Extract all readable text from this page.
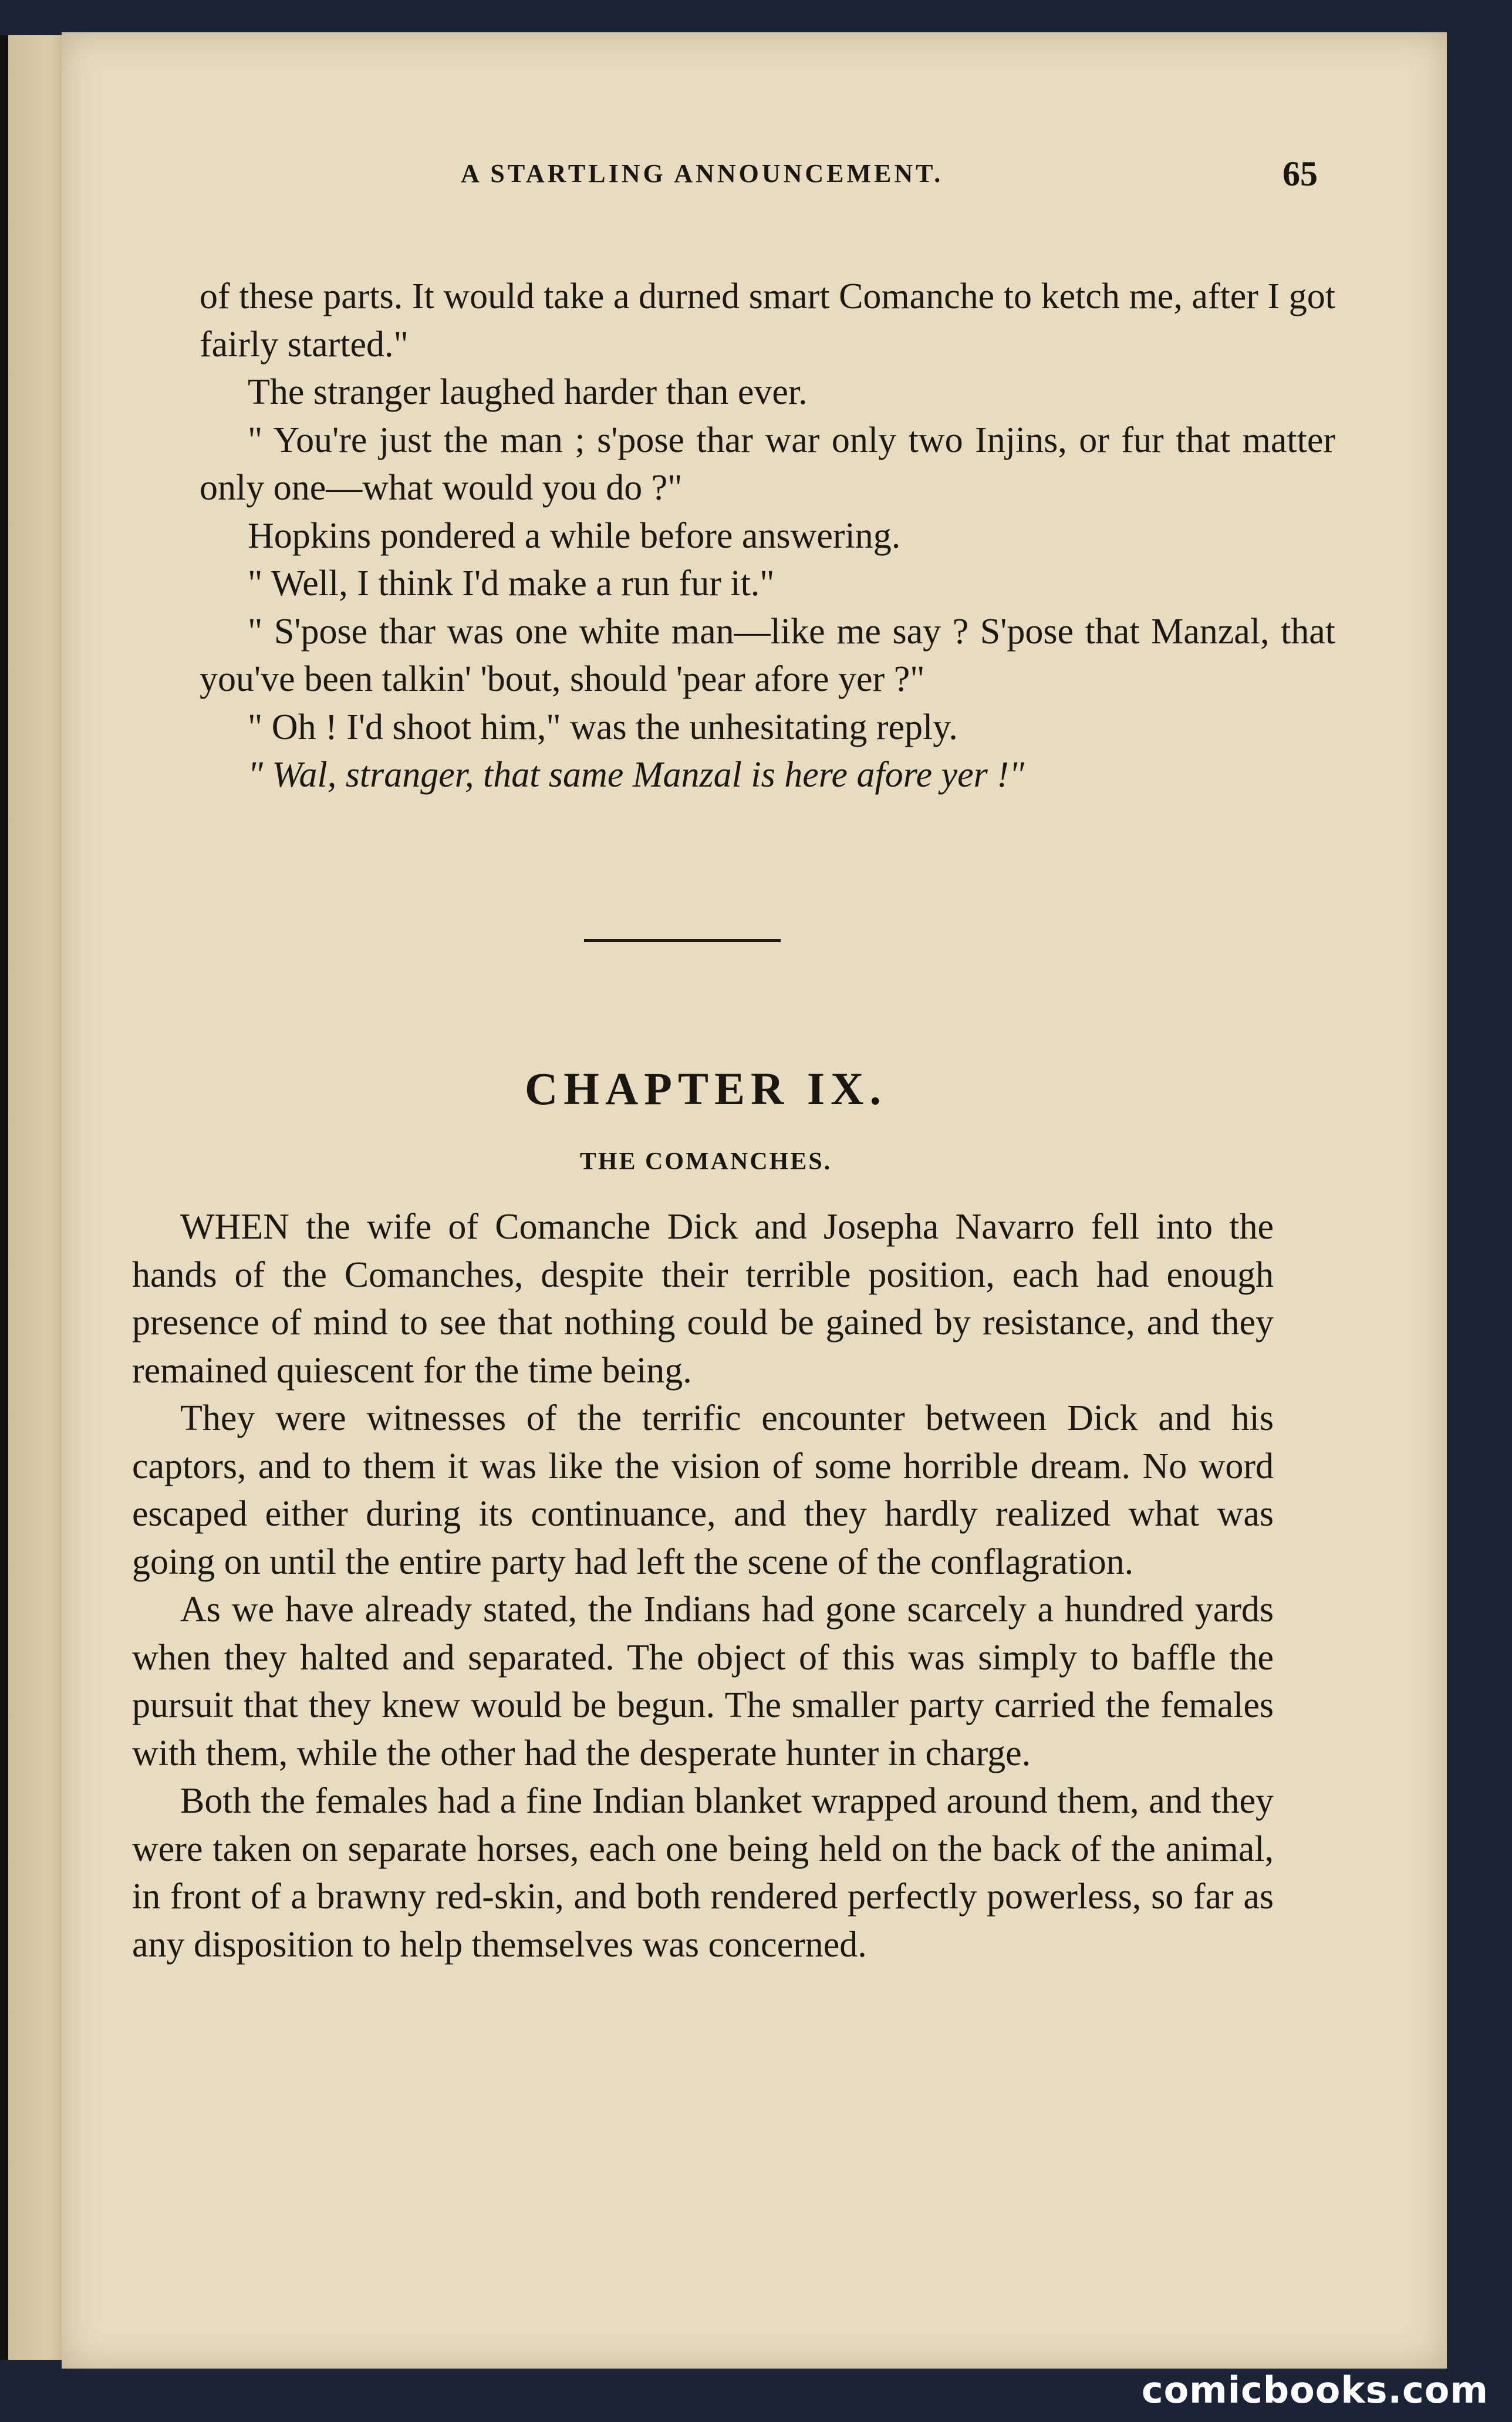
A STARTLING ANNOUNCEMENT.	65

of these parts. It would take a durned smart Comanche to ketch me, after I got fairly started."

The stranger laughed harder than ever.

" You're just the man ; s'pose thar war only two Injins, or fur that matter only one—what would you do ?"

Hopkins pondered a while before answering.

" Well, I think I'd make a run fur it."

" S'pose thar was one white man—like me say ? S'pose that Manzal, that you've been talkin' 'bout, should 'pear afore yer ?"

" Oh ! I'd shoot him," was the unhesitating reply.

" Wal, stranger, that same Manzal is here afore yer !"

CHAPTER IX.
THE COMANCHES.

WHEN the wife of Comanche Dick and Josepha Navarro fell into the hands of the Comanches, despite their terrible position, each had enough presence of mind to see that nothing could be gained by resistance, and they remained quiescent for the time being.

They were witnesses of the terrific encounter between Dick and his captors, and to them it was like the vision of some horrible dream. No word escaped either during its continuance, and they hardly realized what was going on until the entire party had left the scene of the conflagration.

As we have already stated, the Indians had gone scarcely a hundred yards when they halted and separated. The object of this was simply to baffle the pursuit that they knew would be begun. The smaller party carried the females with them, while the other had the desperate hunter in charge.

Both the females had a fine Indian blanket wrapped around them, and they were taken on separate horses, each one being held on the back of the animal, in front of a brawny red-skin, and both rendered perfectly powerless, so far as any disposition to help themselves was concerned.

comicbooks.com
